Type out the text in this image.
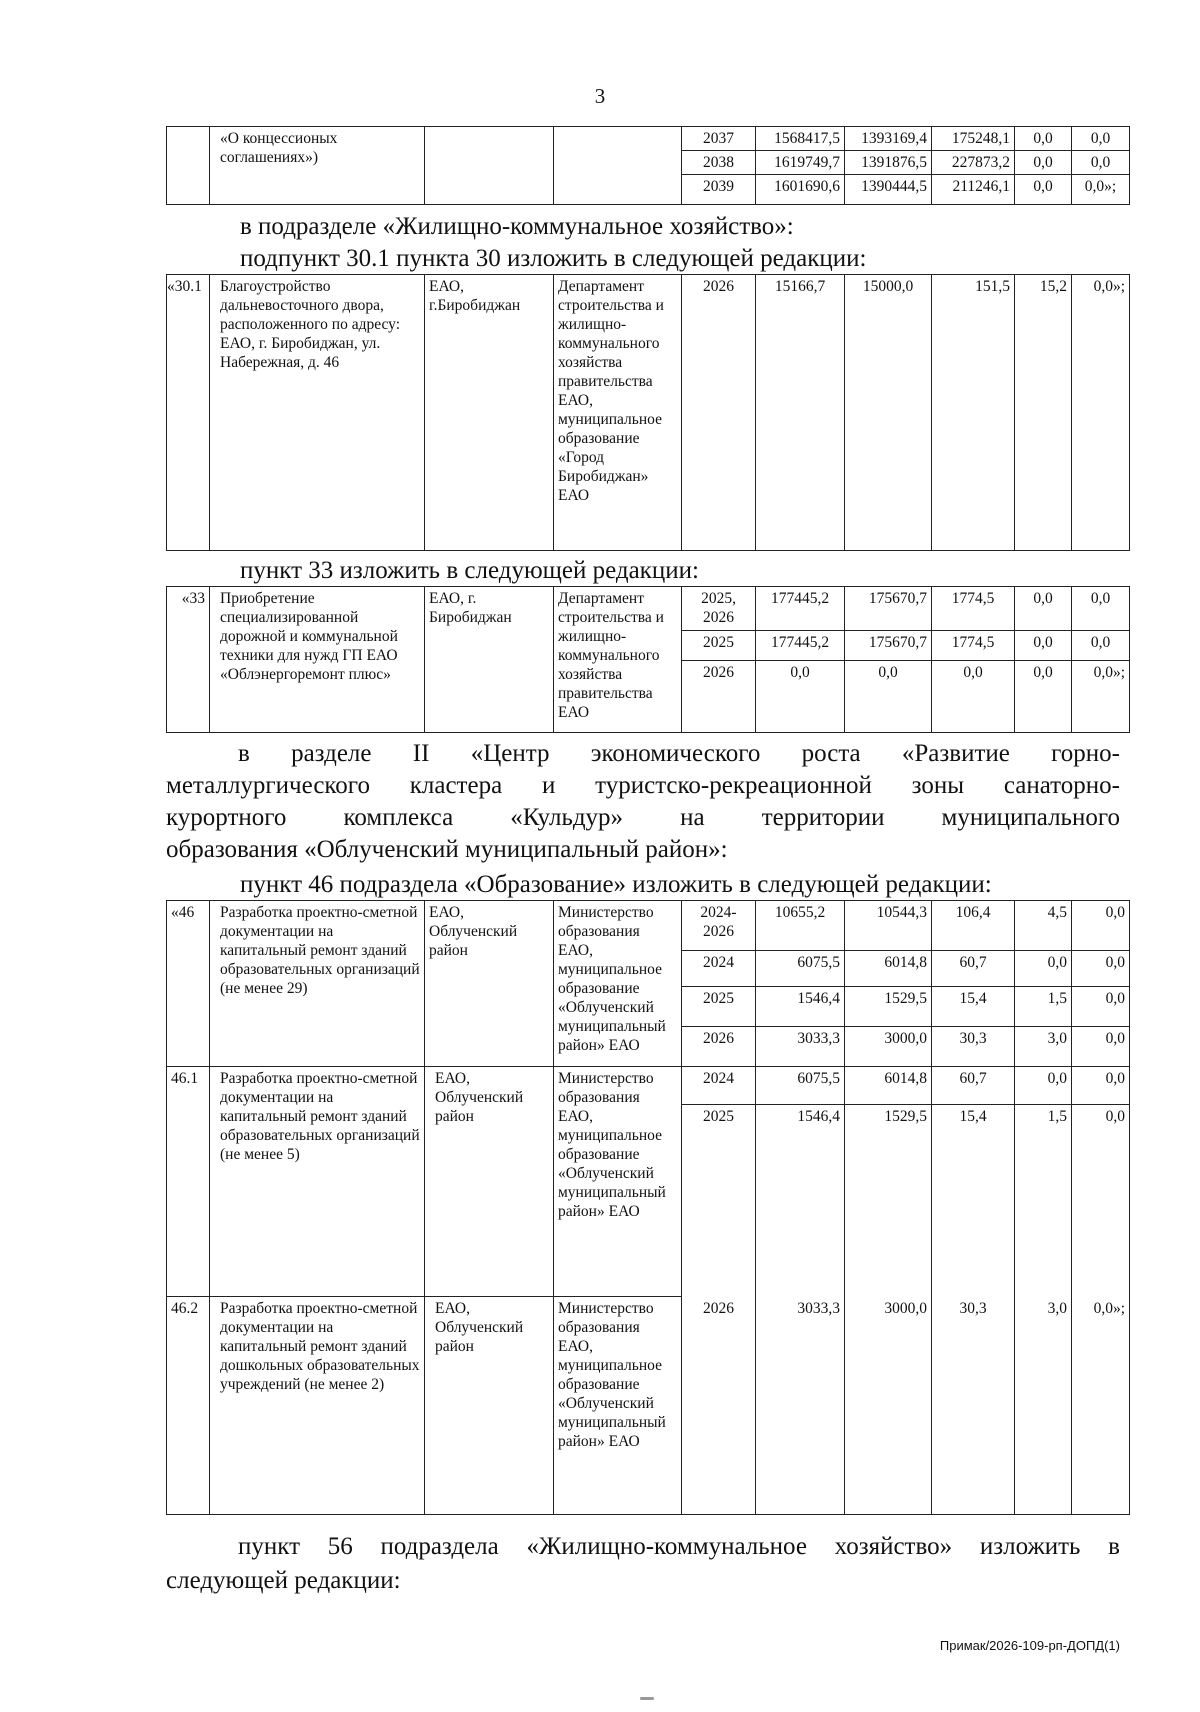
3
	«О концессионых соглашениях»)			2037	1568417,5	1393169,4	175248,1	0,0	0,0
				2038	1619749,7	1391876,5	227873,2	0,0	0,0
				2039	1601690,6	1390444,5	211246,1	0,0	0,0»;
в подразделе «Жилищно-коммунальное хозяйство»:
подпункт 30.1 пункта 30 изложить в следующей редакции:
«30.1	Благоустройство дальневосточного двора, расположенного по адресу: ЕАО, г. Биробиджан, ул. Набережная, д. 46	ЕАО, г.Биробиджан	Департамент строительства и жилищно-коммунального хозяйства правительства ЕАО, муниципальное образование «Город Биробиджан» ЕАО	2026	15166,7	15000,0	151,5	15,2	0,0»;
пункт 33 изложить в следующей редакции:
«33	Приобретение специализированной дорожной и коммунальной техники для нужд ГП ЕАО «Облэнергоремонт плюс»	ЕАО, г. Биробиджан	Департамент строительства и жилищно-коммунального хозяйства правительства ЕАО	2025, 2026	177445,2	175670,7	1774,5	0,0	0,0
				2025	177445,2	175670,7	1774,5	0,0	0,0
				2026	0,0	0,0	0,0	0,0	0,0»;
в разделе II «Центр экономического роста «Развитие горно-
металлургического кластера и туристско-рекреационной зоны санаторно-
курортного комплекса «Кульдур» на территории муниципального
образования «Облученский муниципальный район»:
пункт 46 подраздела «Образование» изложить в следующей редакции:
«46	Разработка проектно-сметной документации на капитальный ремонт зданий образовательных организаций (не менее 29)	ЕАО, Облученский район	Министерство образования ЕАО, муниципальное образование «Облученский муниципальный район» ЕАО	2024-2026	10655,2	10544,3	106,4	4,5	0,0
				2024	6075,5	6014,8	60,7	0,0	0,0
				2025	1546,4	1529,5	15,4	1,5	0,0
				2026	3033,3	3000,0	30,3	3,0	0,0
46.1	Разработка проектно-сметной документации на капитальный ремонт зданий образовательных организаций (не менее 5)	ЕАО, Облученский район	Министерство образования ЕАО, муниципальное образование «Облученский муниципальный район» ЕАО	2024	6075,5	6014,8	60,7	0,0	0,0
				2025	1546,4	1529,5	15,4	1,5	0,0
46.2	Разработка проектно-сметной документации на капитальный ремонт зданий дошкольных образовательных учреждений (не менее 2)	ЕАО, Облученский район	Министерство образования ЕАО, муниципальное образование «Облученский муниципальный район» ЕАО	2026	3033,3	3000,0	30,3	3,0	0,0»;
пункт 56 подраздела «Жилищно-коммунальное хозяйство» изложить в
следующей редакции:
Примак/2026-109-рп-ДОПД(1)
